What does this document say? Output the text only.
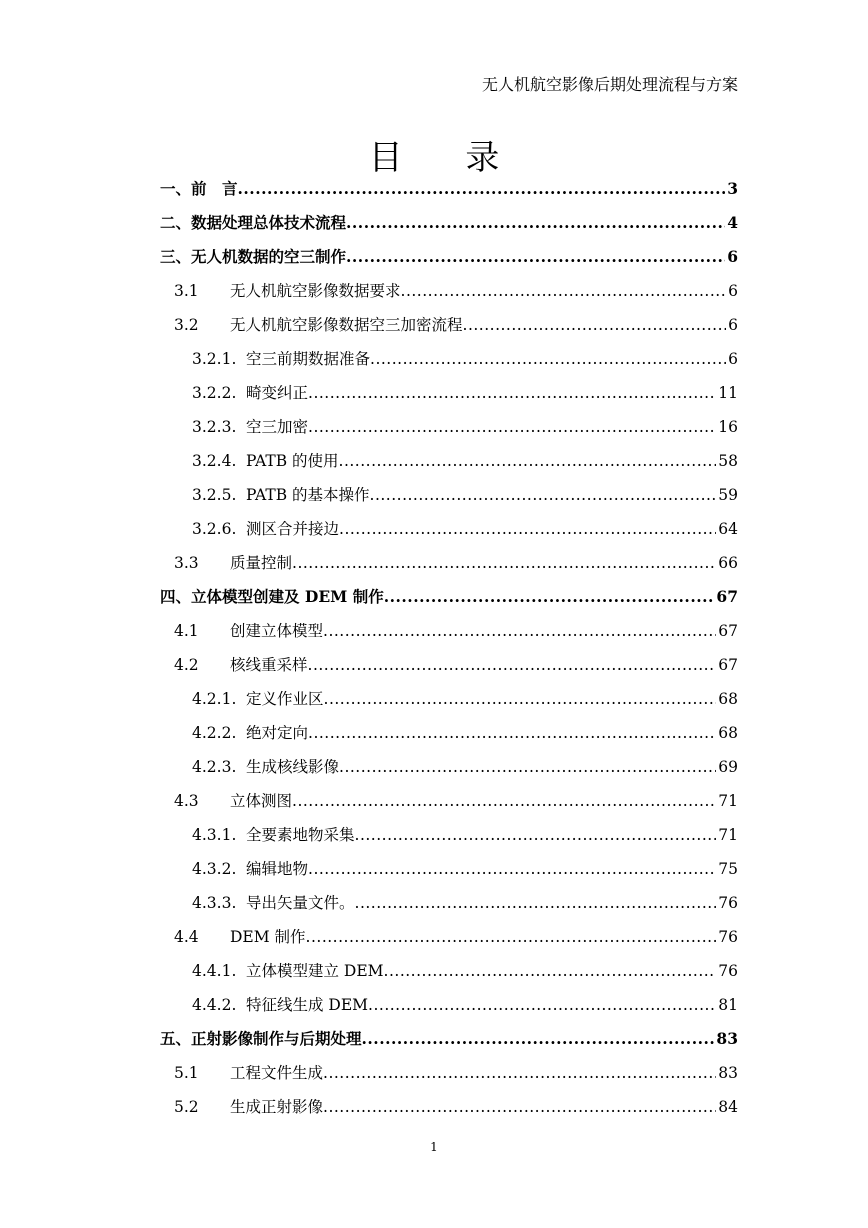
无人机航空影像后期处理流程与方案
目 录
一、前　言 .....	3
二、数据处理总体技术流程 .....	4
三、无人机数据的空三制作 .....	6
3.1	无人机航空影像数据要求 .....	6
3.2	无人机航空影像数据空三加密流程 .....	6
3.2.1. 空三前期数据准备 .....	6
3.2.2. 畸变纠正 .....	11
3.2.3. 空三加密 .....	16
3.2.4. PATB 的使用 .....	58
3.2.5. PATB 的基本操作 .....	59
3.2.6. 测区合并接边 .....	64
3.3	质量控制 .....	66
四、立体模型创建及 DEM 制作 .....	67
4.1	创建立体模型 .....	67
4.2	核线重采样 .....	67
4.2.1. 定义作业区 .....	68
4.2.2. 绝对定向 .....	68
4.2.3. 生成核线影像 .....	69
4.3	立体测图 .....	71
4.3.1. 全要素地物采集 .....	71
4.3.2. 编辑地物 .....	75
4.3.3. 导出矢量文件。 .....	76
4.4	DEM 制作 .....	76
4.4.1. 立体模型建立 DEM .....	76
4.4.2. 特征线生成 DEM .....	81
五、正射影像制作与后期处理 .....	83
5.1	工程文件生成 .....	83
5.2	生成正射影像 .....	84
1
